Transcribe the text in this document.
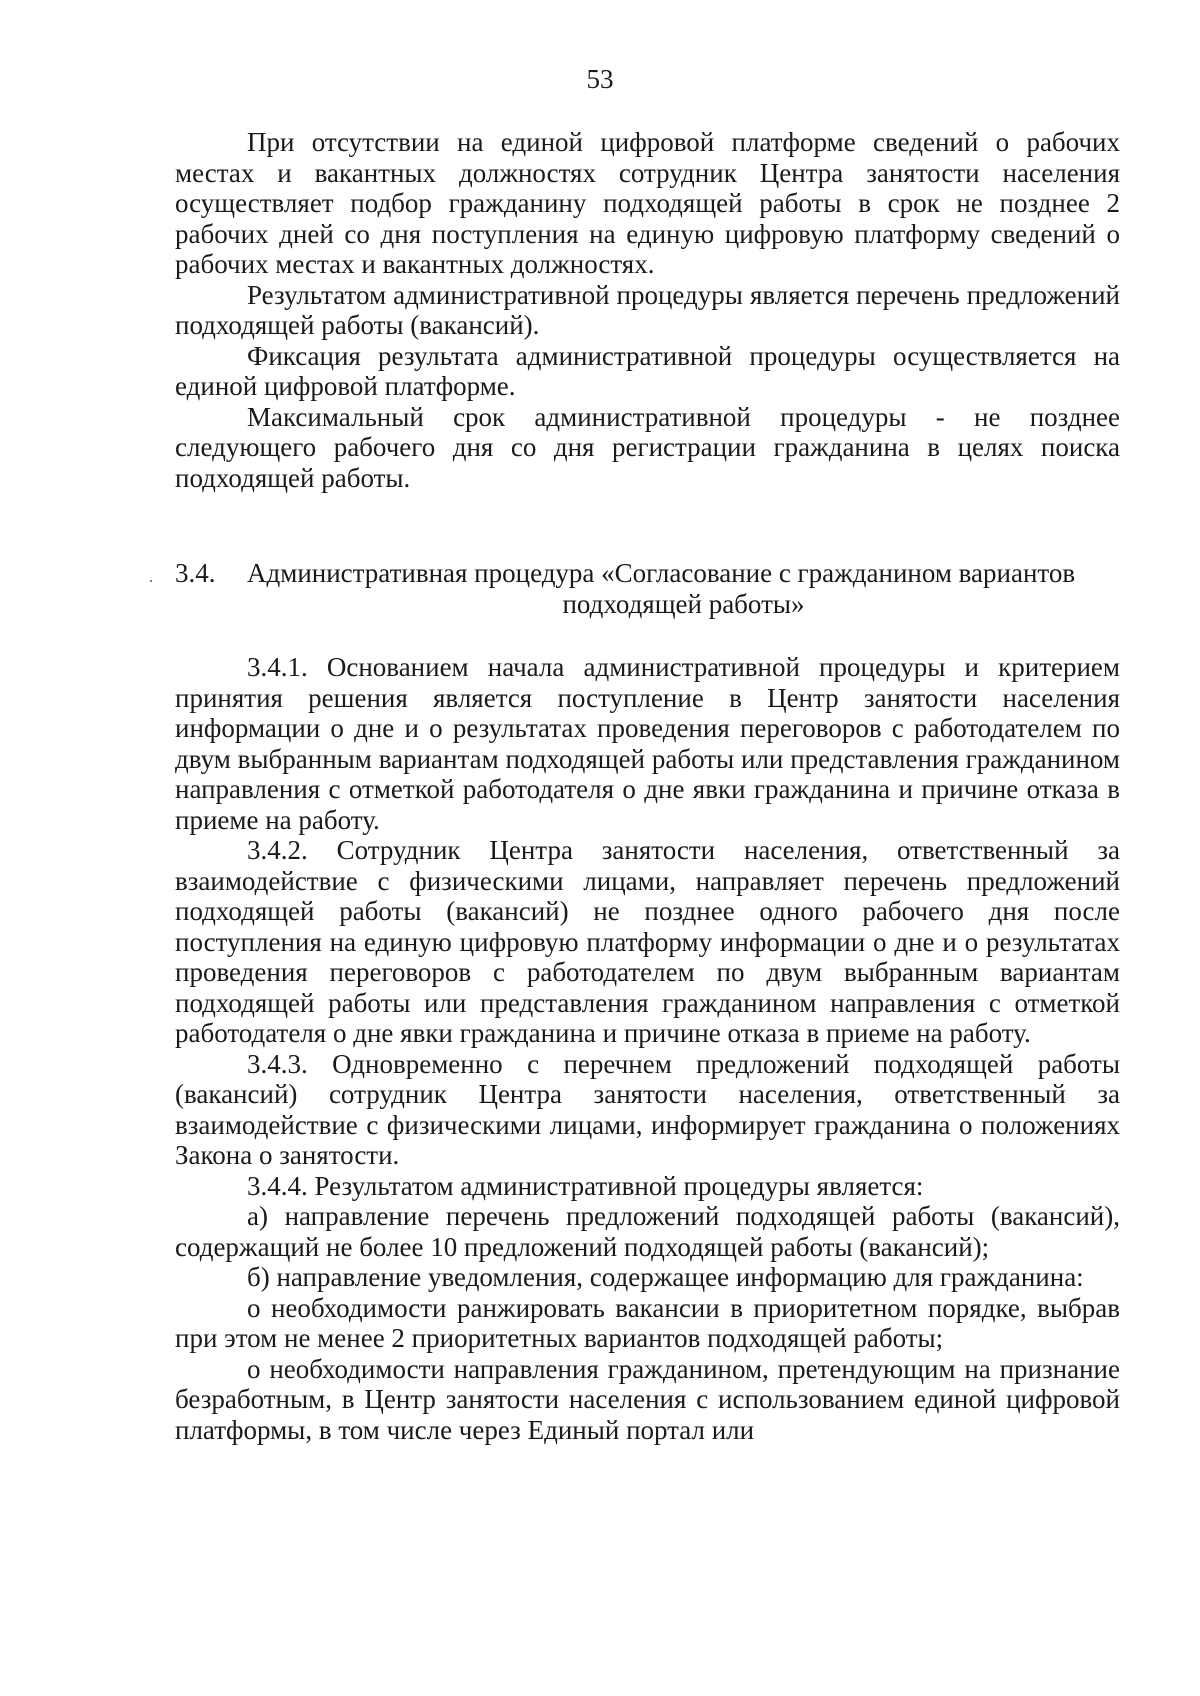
53

При отсутствии на единой цифровой платформе сведений о рабочих местах и вакантных должностях сотрудник Центра занятости населения осуществляет подбор гражданину подходящей работы в срок не позднее 2 рабочих дней со дня поступления на единую цифровую платформу сведений о рабочих местах и вакантных должностях.

Результатом административной процедуры является перечень предложений подходящей работы (вакансий).

Фиксация результата административной процедуры осуществляется на единой цифровой платформе.

Максимальный срок административной процедуры - не позднее следующего рабочего дня со дня регистрации гражданина в целях поиска подходящей работы.

3.4. Административная процедура «Согласование с гражданином вариантов
подходящей работы»

3.4.1. Основанием начала административной процедуры и критерием принятия решения является поступление в Центр занятости населения информации о дне и о результатах проведения переговоров с работодателем по двум выбранным вариантам подходящей работы или представления гражданином направления с отметкой работодателя о дне явки гражданина и причине отказа в приеме на работу.

3.4.2. Сотрудник Центра занятости населения, ответственный за взаимодействие с физическими лицами, направляет перечень предложений подходящей работы (вакансий) не позднее одного рабочего дня после поступления на единую цифровую платформу информации о дне и о результатах проведения переговоров с работодателем по двум выбранным вариантам подходящей работы или представления гражданином направления с отметкой работодателя о дне явки гражданина и причине отказа в приеме на работу.

3.4.3. Одновременно с перечнем предложений подходящей работы (вакансий) сотрудник Центра занятости населения, ответственный за взаимодействие с физическими лицами, информирует гражданина о положениях Закона о занятости.

3.4.4. Результатом административной процедуры является:

а) направление перечень предложений подходящей работы (вакансий), содержащий не более 10 предложений подходящей работы (вакансий);

б) направление уведомления, содержащее информацию для гражданина:

о необходимости ранжировать вакансии в приоритетном порядке, выбрав при этом не менее 2 приоритетных вариантов подходящей работы;

о необходимости направления гражданином, претендующим на признание безработным, в Центр занятости населения с использованием единой цифровой платформы, в том числе через Единый портал или
